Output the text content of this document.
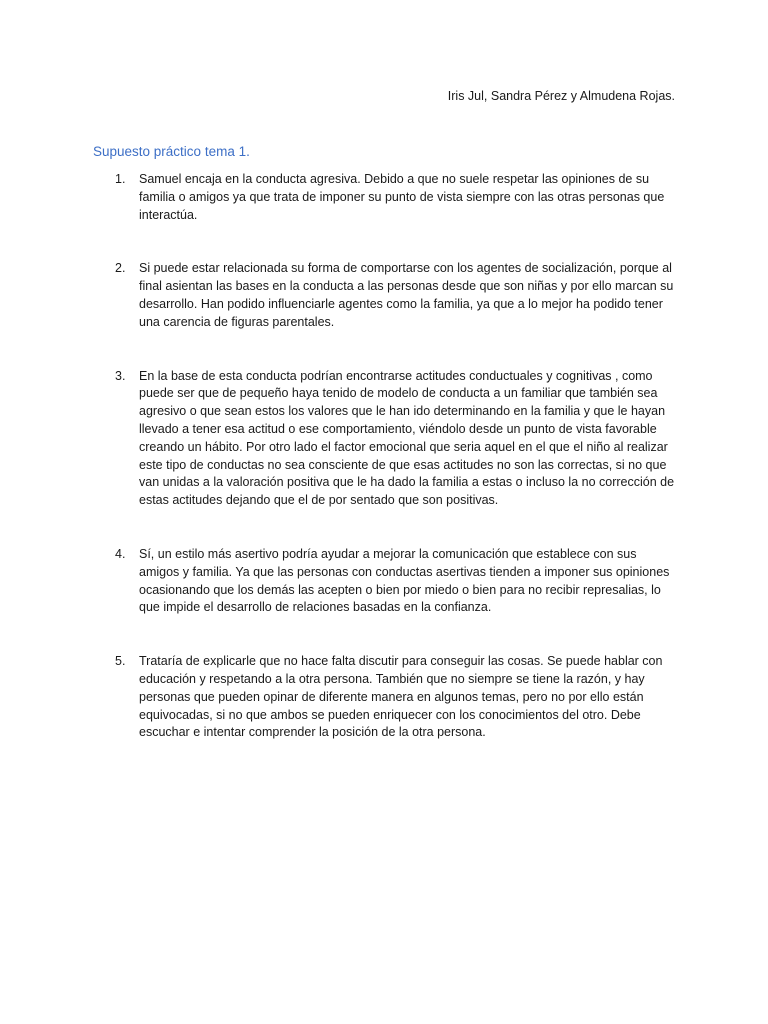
Iris Jul, Sandra Pérez y Almudena Rojas.
Supuesto práctico tema 1.
1. Samuel encaja en la conducta agresiva. Debido a que no suele respetar las opiniones de su familia o amigos ya que trata de imponer su punto de vista siempre con las otras personas que interactúa.
2. Si puede estar relacionada su forma de comportarse con los agentes de socialización, porque al final asientan las bases en la conducta a las personas desde que son niñas y por ello marcan su desarrollo. Han podido influenciarle agentes como la familia, ya que a lo mejor ha podido tener una carencia de figuras parentales.
3. En la base de esta conducta podrían encontrarse actitudes conductuales y cognitivas , como puede ser que de pequeño haya tenido de modelo de conducta a un familiar que también sea agresivo o que sean estos los valores que le han ido determinando en la familia y que le hayan llevado a tener esa actitud o ese comportamiento, viéndolo desde un punto de vista favorable creando un hábito. Por otro lado el factor emocional que seria aquel en el que el niño al realizar este tipo de conductas no sea consciente de que esas actitudes no son las correctas, si no que van unidas a la valoración positiva que le ha dado la familia a estas o incluso la no corrección de estas actitudes dejando que el de por sentado que son positivas.
4. Sí, un estilo más asertivo podría ayudar a mejorar la comunicación que establece con sus amigos y familia. Ya que las personas con conductas asertivas tienden a imponer sus opiniones ocasionando que los demás las acepten o bien por miedo o bien para no recibir represalias, lo que impide el desarrollo de relaciones basadas en la confianza.
5. Trataría de explicarle que no hace falta discutir para conseguir las cosas. Se puede hablar con educación y respetando a la otra persona. También que no siempre se tiene la razón, y hay personas que pueden opinar de diferente manera en algunos temas, pero no por ello están equivocadas, si no que ambos se pueden enriquecer con los conocimientos del otro. Debe escuchar e intentar comprender la posición de la otra persona.
